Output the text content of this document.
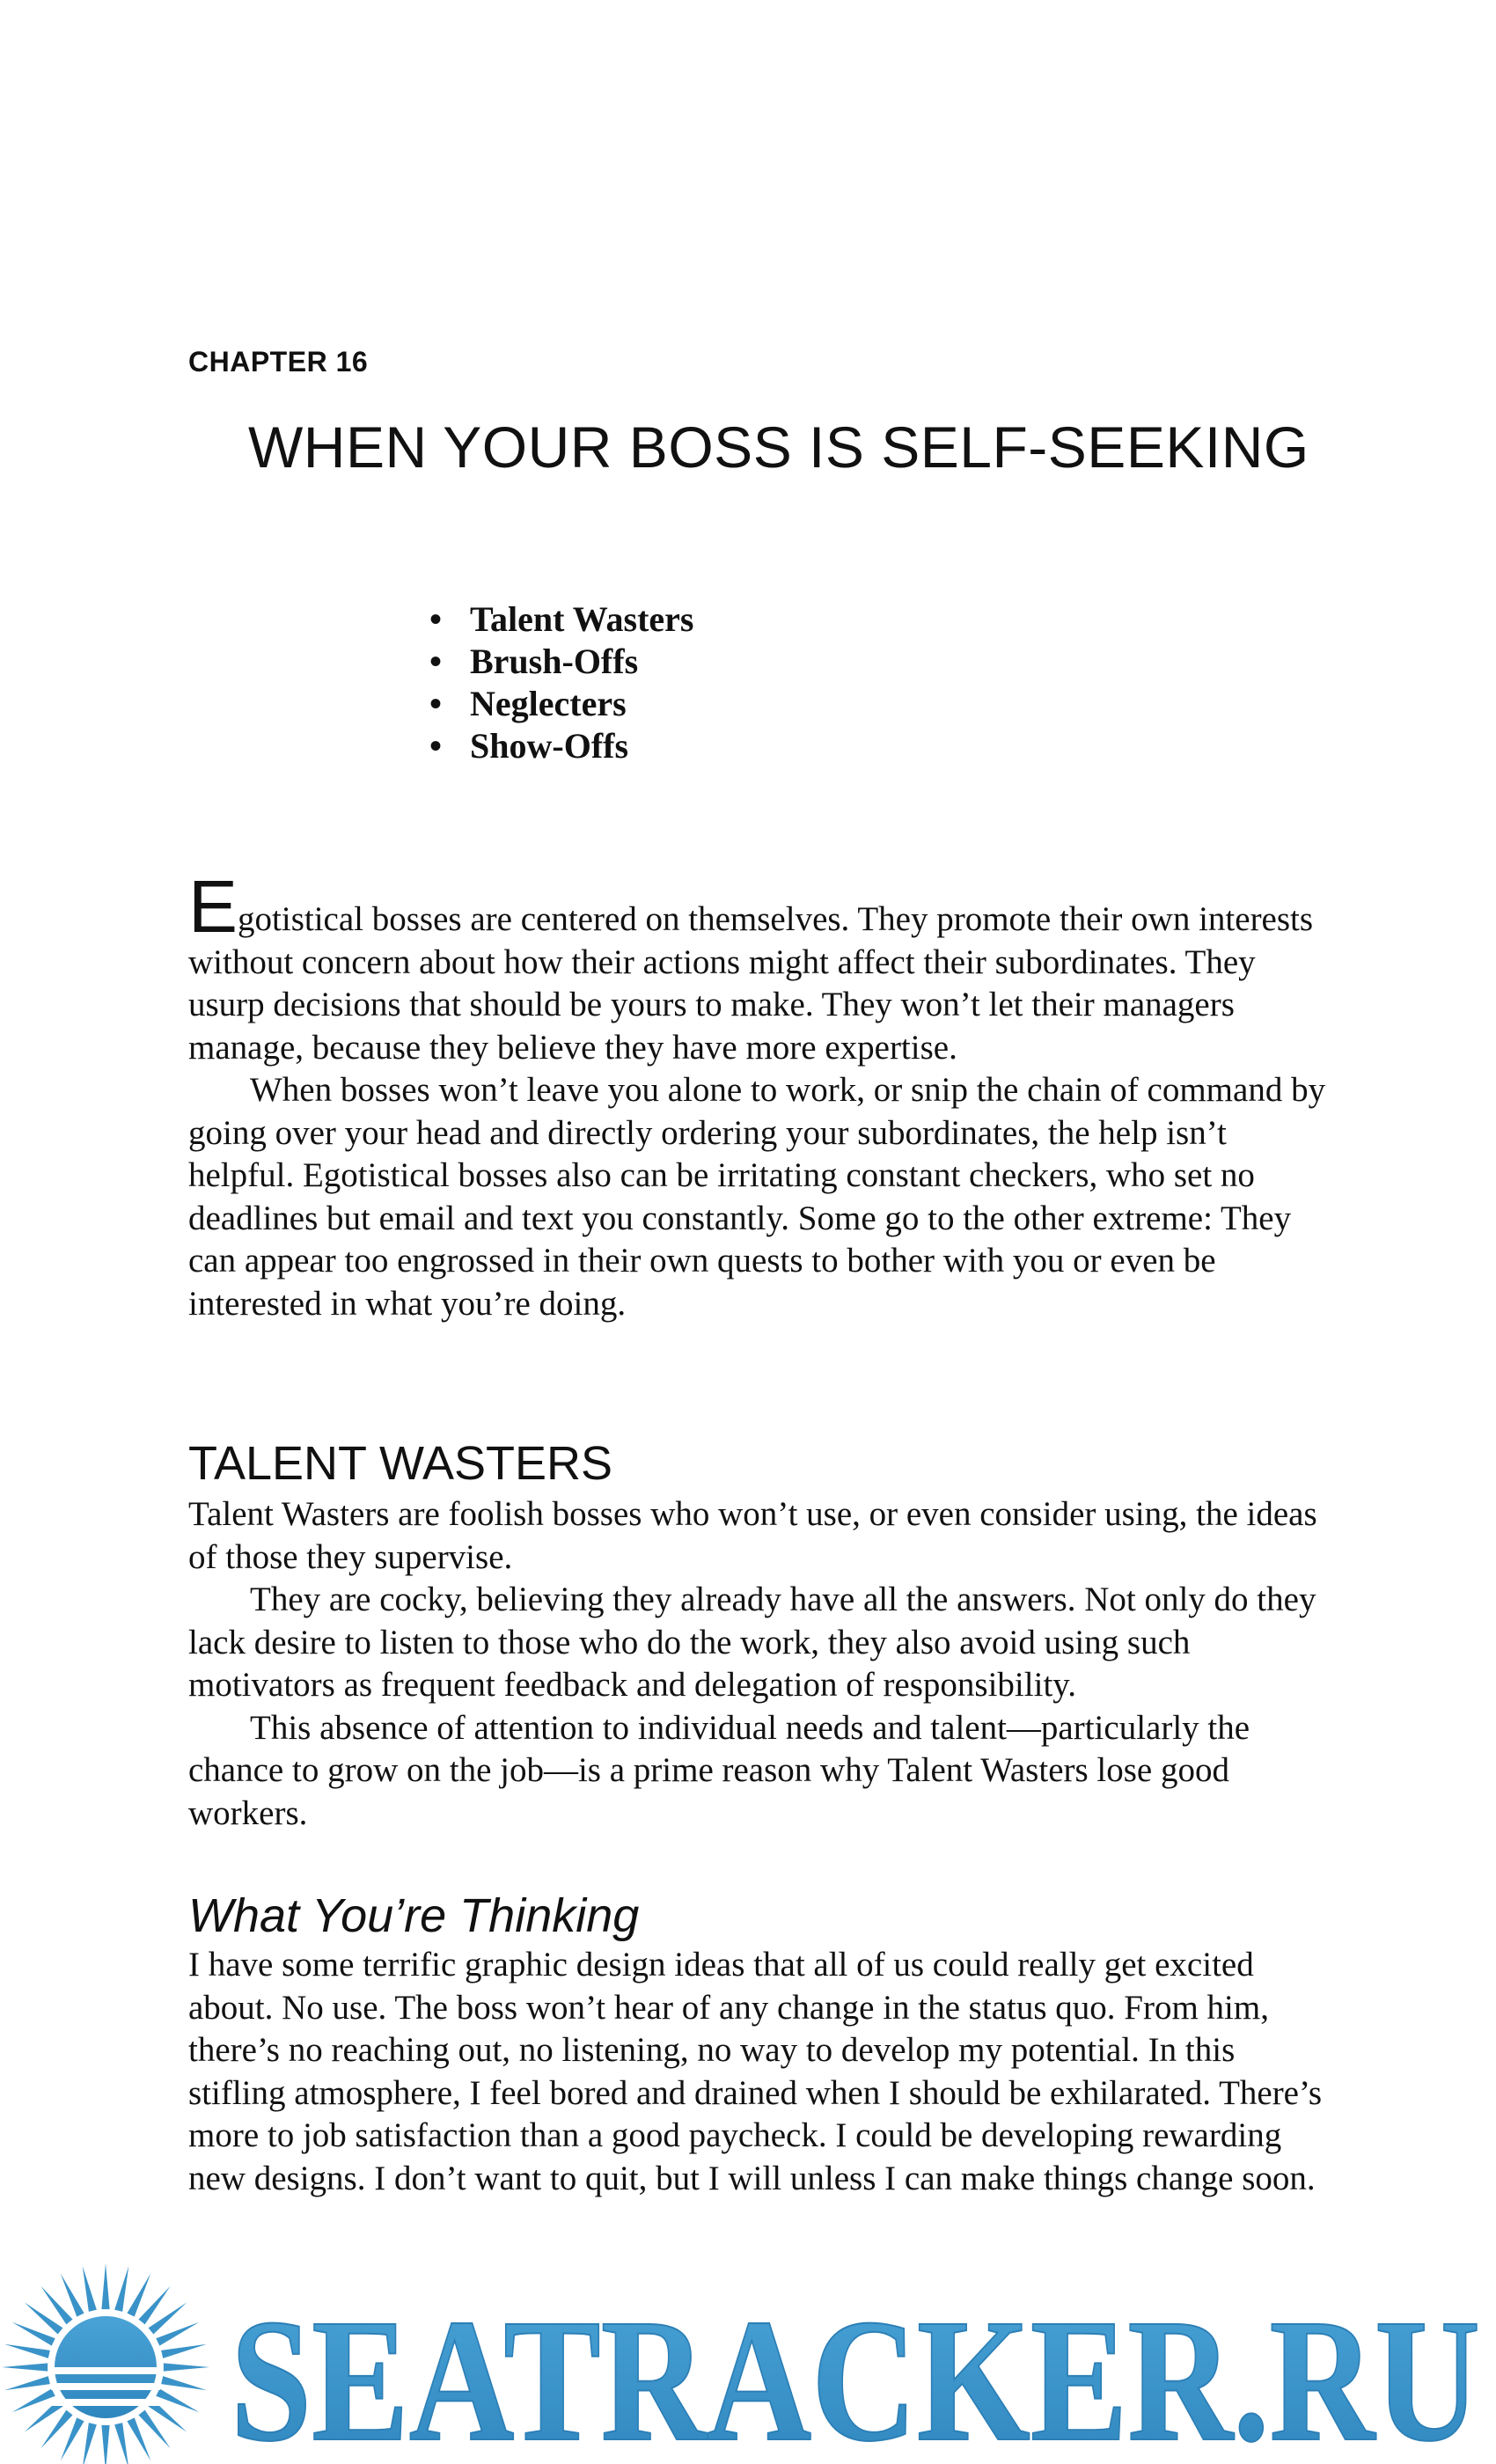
CHAPTER 16
WHEN YOUR BOSS IS SELF-SEEKING
• Talent Wasters
• Brush-Offs
• Neglecters
• Show-Offs

Egotistical bosses are centered on themselves. They promote their own interests without concern about how their actions might affect their subordinates. They usurp decisions that should be yours to make. They won’t let their managers manage, because they believe they have more expertise.

When bosses won’t leave you alone to work, or snip the chain of command by going over your head and directly ordering your subordinates, the help isn’t helpful. Egotistical bosses also can be irritating constant checkers, who set no deadlines but email and text you constantly. Some go to the other extreme: They can appear too engrossed in their own quests to bother with you or even be interested in what you’re doing.

TALENT WASTERS

Talent Wasters are foolish bosses who won’t use, or even consider using, the ideas of those they supervise.

They are cocky, believing they already have all the answers. Not only do they lack desire to listen to those who do the work, they also avoid using such motivators as frequent feedback and delegation of responsibility.

This absence of attention to individual needs and talent—particularly the chance to grow on the job—is a prime reason why Talent Wasters lose good workers.

What You’re Thinking

I have some terrific graphic design ideas that all of us could really get excited about. No use. The boss won’t hear of any change in the status quo. From him, there’s no reaching out, no listening, no way to develop my potential. In this stifling atmosphere, I feel bored and drained when I should be exhilarated. There’s more to job satisfaction than a good paycheck. I could be developing rewarding new designs. I don’t want to quit, but I will unless I can make things change soon.

SEATRACKER.RU
